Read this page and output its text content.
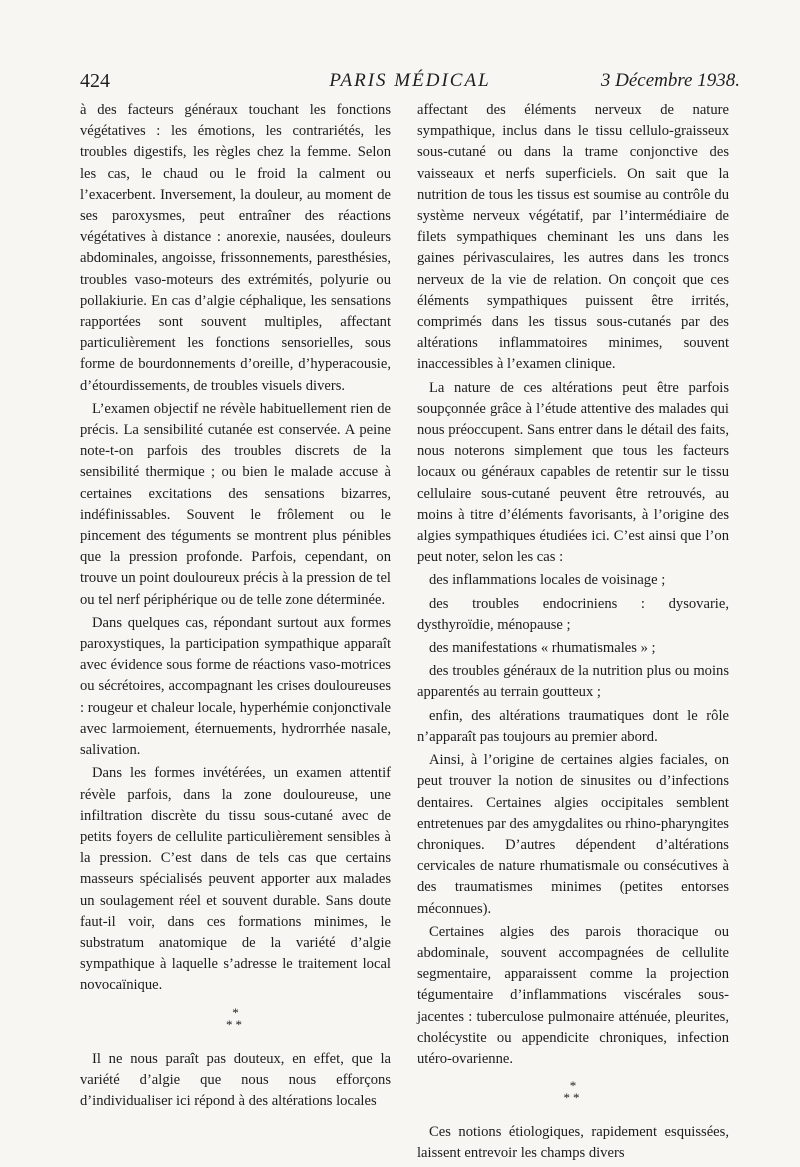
424	PARIS MÉDICAL	3 Décembre 1938.

à des facteurs généraux touchant les fonctions végétatives : les émotions, les contrariétés, les troubles digestifs, les règles chez la femme. Selon les cas, le chaud ou le froid la calment ou l’exacerbent. Inversement, la douleur, au moment de ses paroxysmes, peut entraîner des réactions végétatives à distance : anorexie, nausées, douleurs abdominales, angoisse, frissonnements, paresthésies, troubles vaso-moteurs des extrémités, polyurie ou pollakiurie. En cas d’algie céphalique, les sensations rapportées sont souvent multiples, affectant particulièrement les fonctions sensorielles, sous forme de bourdonnements d’oreille, d’hyperacousie, d’étourdissements, de troubles visuels divers.

L’examen objectif ne révèle habituellement rien de précis. La sensibilité cutanée est conservée. A peine note-t-on parfois des troubles discrets de la sensibilité thermique ; ou bien le malade accuse à certaines excitations des sensations bizarres, indéfinissables. Souvent le frôlement ou le pincement des téguments se montrent plus pénibles que la pression profonde. Parfois, cependant, on trouve un point douloureux précis à la pression de tel ou tel nerf périphérique ou de telle zone déterminée.

Dans quelques cas, répondant surtout aux formes paroxystiques, la participation sympathique apparaît avec évidence sous forme de réactions vaso-motrices ou sécrétoires, accompagnant les crises douloureuses : rougeur et chaleur locale, hyperhémie conjonctivale avec larmoiement, éternuements, hydrorrhée nasale, salivation.

Dans les formes invétérées, un examen attentif révèle parfois, dans la zone douloureuse, une infiltration discrète du tissu sous-cutané avec de petits foyers de cellulite particulièrement sensibles à la pression. C’est dans de tels cas que certains masseurs spécialisés peuvent apporter aux malades un soulagement réel et souvent durable. Sans doute faut-il voir, dans ces formations minimes, le substratum anatomique de la variété d’algie sympathique à laquelle s’adresse le traitement local novocaïnique.

*
**

Il ne nous paraît pas douteux, en effet, que la variété d’algie que nous nous efforçons d’individualiser ici répond à des altérations locales

affectant des éléments nerveux de nature sympathique, inclus dans le tissu cellulo-graisseux sous-cutané ou dans la trame conjonctive des vaisseaux et nerfs superficiels. On sait que la nutrition de tous les tissus est soumise au contrôle du système nerveux végétatif, par l’intermédiaire de filets sympathiques cheminant les uns dans les gaines périvasculaires, les autres dans les troncs nerveux de la vie de relation. On conçoit que ces éléments sympathiques puissent être irrités, comprimés dans les tissus sous-cutanés par des altérations inflammatoires minimes, souvent inaccessibles à l’examen clinique.

La nature de ces altérations peut être parfois soupçonnée grâce à l’étude attentive des malades qui nous préoccupent. Sans entrer dans le détail des faits, nous noterons simplement que tous les facteurs locaux ou généraux capables de retentir sur le tissu cellulaire sous-cutané peuvent être retrouvés, au moins à titre d’éléments favorisants, à l’origine des algies sympathiques étudiées ici. C’est ainsi que l’on peut noter, selon les cas :

des inflammations locales de voisinage ;

des troubles endocriniens : dysovarie, dysthyroïdie, ménopause ;

des manifestations « rhumatismales » ;

des troubles généraux de la nutrition plus ou moins apparentés au terrain goutteux ;

enfin, des altérations traumatiques dont le rôle n’apparaît pas toujours au premier abord.

Ainsi, à l’origine de certaines algies faciales, on peut trouver la notion de sinusites ou d’infections dentaires. Certaines algies occipitales semblent entretenues par des amygdalites ou rhino-pharyngites chroniques. D’autres dépendent d’altérations cervicales de nature rhumatismale ou consécutives à des traumatismes minimes (petites entorses méconnues).

Certaines algies des parois thoracique ou abdominale, souvent accompagnées de cellulite segmentaire, apparaissent comme la projection tégumentaire d’inflammations viscérales sous-jacentes : tuberculose pulmonaire atténuée, pleurites, cholécystite ou appendicite chroniques, infection utéro-ovarienne.

*
**

Ces notions étiologiques, rapidement esquissées, laissent entrevoir les champs divers
